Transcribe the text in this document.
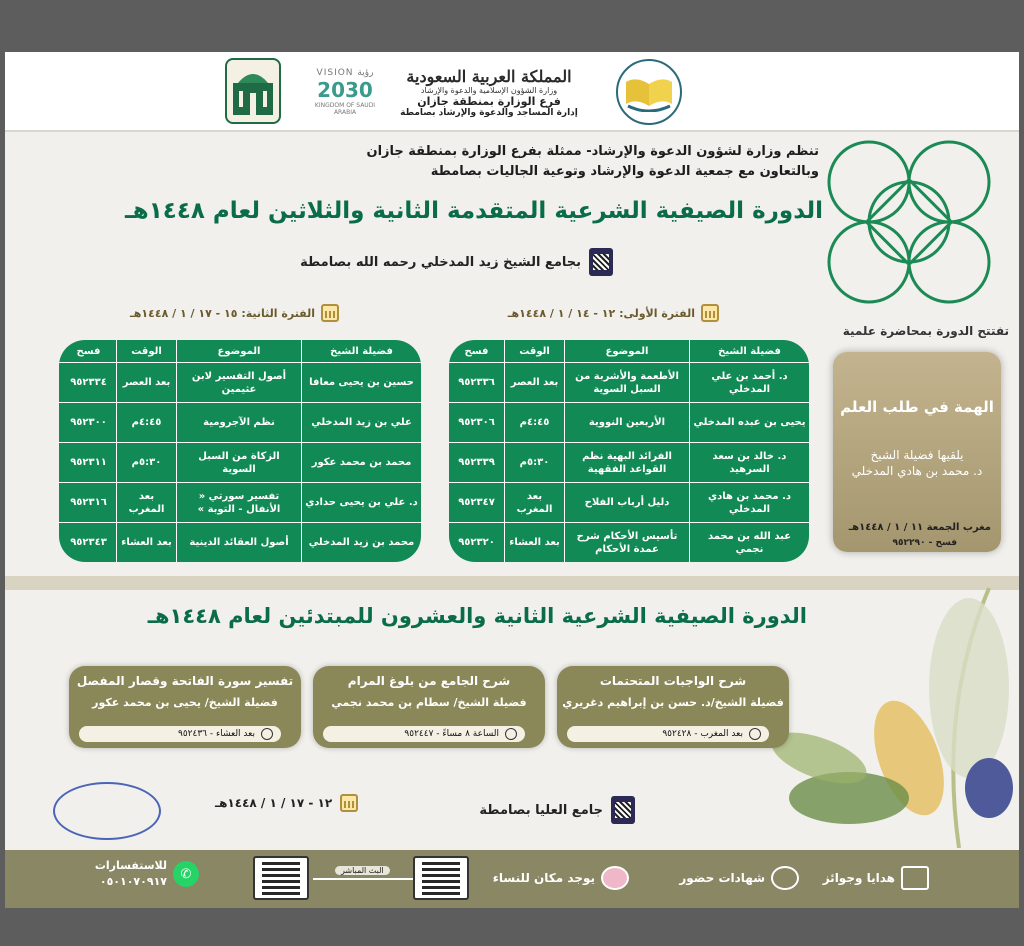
VISION رؤية
2030
KINGDOM OF SAUDI ARABIA
المملكة العربية السعودية
وزارة الشؤون الإسلامية والدعوة والإرشاد
فرع الوزارة بمنطقة جازان
إدارة المساجد والدعوة والإرشاد بصامطة
تنظم وزارة لشؤون الدعوة والإرشاد- ممثلة بفرع الوزارة بمنطقة جازان
وبالتعاون مع جمعية الدعوة والإرشاد وتوعية الجاليات بصامطة
الدورة الصيفية الشرعية المتقدمة الثانية والثلاثين لعام ١٤٤٨هـ
بجامع الشيخ زيد المدخلي رحمه الله بصامطة
الفترة الأولى: ١٢ - ١٤ / ١ / ١٤٤٨هـ
الفترة الثانية: ١٥ - ١٧ / ١ / ١٤٤٨هـ
فضيلة الشيخ
الموضوع
الوقت
فسح
د. أحمد بن علي المدخلي
الأطعمة والأشربة من السبل السوية
بعد العصر
٩٥٢٣٣٦
يحيى بن عبده المدخلي
الأربعين النووية
٤:٤٥م
٩٥٢٣٠٦
د. خالد بن سعد السرهيد
الفرائد البهية نظم القواعد الفقهية
٥:٣٠م
٩٥٢٣٣٩
د. محمد بن هادي المدخلي
دليل أرباب الفلاح
بعد المغرب
٩٥٢٣٤٧
عبد الله بن محمد نجمي
تأسيس الأحكام شرح عمدة الأحكام
بعد العشاء
٩٥٢٣٢٠
فضيلة الشيخ
الموضوع
الوقت
فسح
حسين بن يحيى معافا
أصول التفسير لابن عثيمين
بعد العصر
٩٥٢٣٣٤
علي بن زيد المدخلي
نظم الآجرومية
٤:٤٥م
٩٥٢٣٠٠
محمد بن محمد عكور
الزكاة من السبل السوية
٥:٣٠م
٩٥٢٣١١
د. علي بن يحيى حدادي
تفسير سورتي « الأنفال - التوبة »
بعد المغرب
٩٥٢٣١٦
محمد بن زيد المدخلي
أصول العقائد الدينية
بعد العشاء
٩٥٢٣٤٣
تفتتح الدورة بمحاضرة علمية
الهمة في طلب العلم
يلقيها فضيلة الشيخ
د. محمد بن هادي المدخلي
مغرب الجمعة ١١ / ١ / ١٤٤٨هـ
فسح - ٩٥٢٢٩٠
الدورة الصيفية الشرعية الثانية والعشرون للمبتدئين لعام ١٤٤٨هـ
شرح الواجبات المتحتمات
فضيلة الشيخ/د. حسن بن إبراهيم دغريري
بعد المغرب - ٩٥٢٤٢٨
شرح الجامع من بلوغ المرام
فضيلة الشيخ/ سطام بن محمد نجمي
الساعة ٨ مساءً - ٩٥٢٤٤٧
تفسير سورة الفاتحة وقصار المفصل
فضيلة الشيخ/ يحيى بن محمد عكور
بعد العشاء - ٩٥٢٤٣٦
جامع العليا بصامطة
١٢ - ١٧ / ١ / ١٤٤٨هـ
هدايا وجوائز
شهادات حضور
يوجد مكان للنساء
البث المباشر
✆
للاستفسارات
٠٥٠١٠٧٠٩١٧
